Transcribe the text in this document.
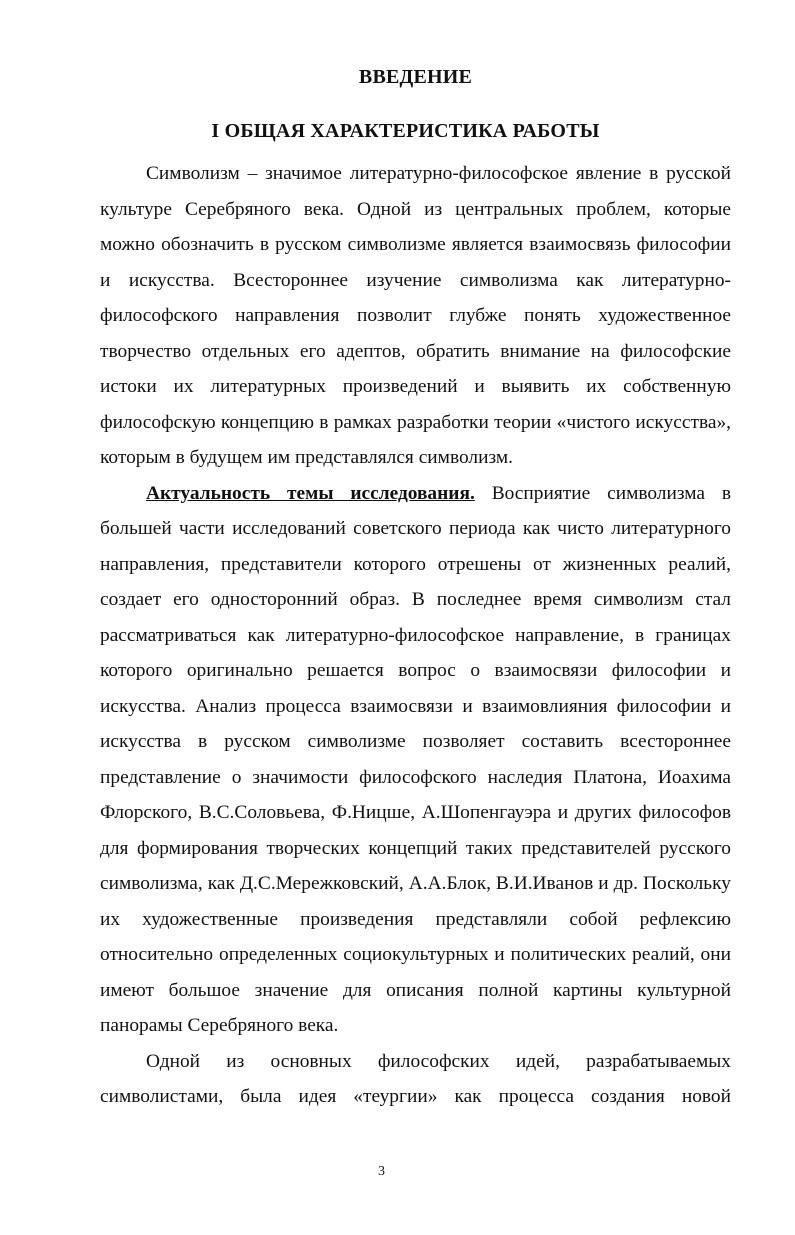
ВВЕДЕНИЕ
I ОБЩАЯ ХАРАКТЕРИСТИКА РАБОТЫ
Символизм – значимое литературно-философское явление в русской
культуре Серебряного века. Одной из центральных проблем, которые
можно обозначить в русском символизме является взаимосвязь философии
и искусства. Всестороннее изучение символизма как литературно-
философского направления позволит глубже понять художественное
творчество отдельных его адептов, обратить внимание на философские
истоки их литературных произведений и выявить их собственную
философскую концепцию в рамках разработки теории «чистого искусства»,
которым в будущем им представлялся символизм.
Актуальность темы исследования. Восприятие символизма в
большей части исследований советского периода как чисто литературного
направления, представители которого отрешены от жизненных реалий,
создает его односторонний образ. В последнее время символизм стал
рассматриваться как литературно-философское направление, в границах
которого оригинально решается вопрос о взаимосвязи философии и
искусства. Анализ процесса взаимосвязи и взаимовлияния философии и
искусства в русском символизме позволяет составить всестороннее
представление о значимости философского наследия Платона, Иоахима
Флорского, В.С.Соловьева, Ф.Ницше, А.Шопенгауэра и других философов
для формирования творческих концепций таких представителей русского
символизма, как Д.С.Мережковский, А.А.Блок, В.И.Иванов и др. Поскольку
их художественные произведения представляли собой рефлексию
относительно определенных социокультурных и политических реалий, они
имеют большое значение для описания полной картины культурной
панорамы Серебряного века.
Одной из основных философских идей, разрабатываемых
символистами, была идея «теургии» как процесса создания новой
3
